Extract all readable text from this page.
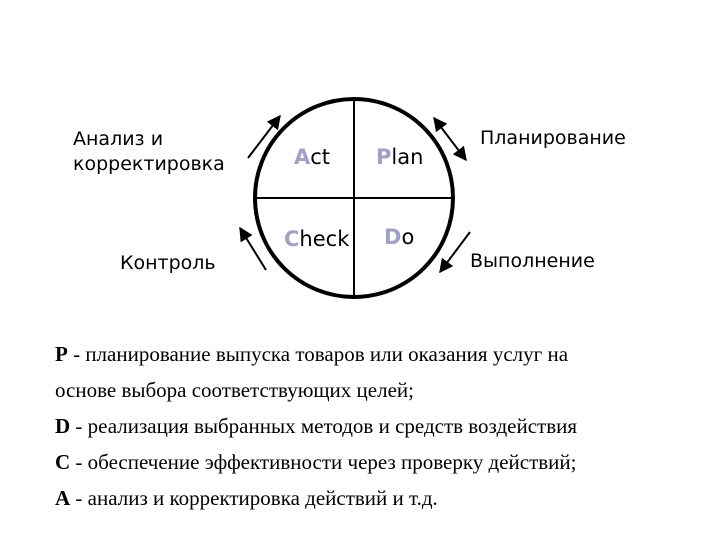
Анализ и
корректировка
Контроль
Планирование
Выполнение
Act Plan
Check Do
P - планирование выпуска товаров или оказания услуг на
основе выбора соответствующих целей;
D - реализация выбранных методов и средств воздействия
C - обеспечение эффективности через проверку действий;
A - анализ и корректировка действий и т.д.
